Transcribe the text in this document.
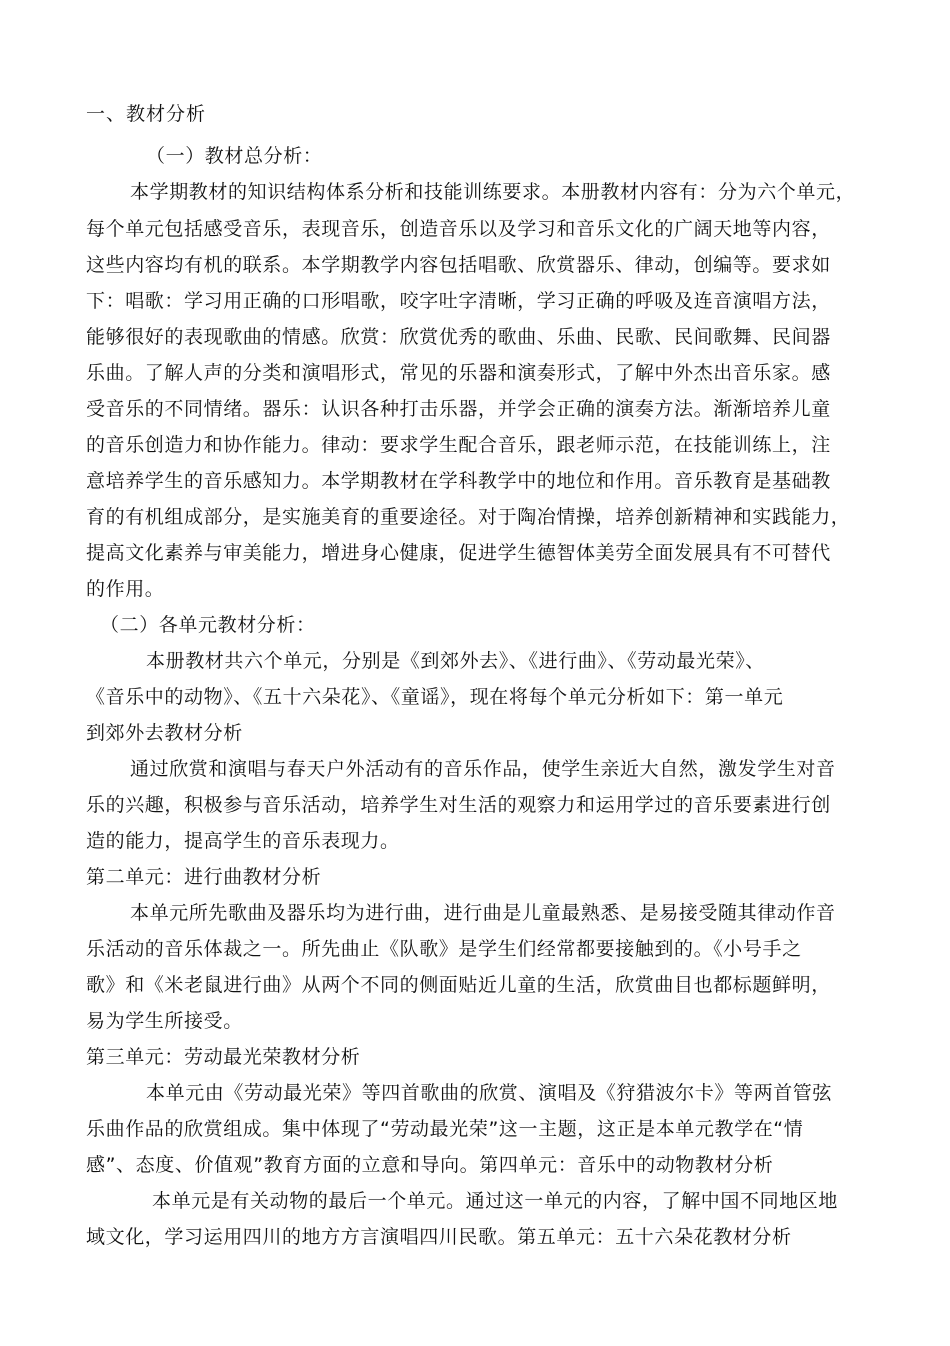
一、教材分析

（一）教材总分析：

本学期教材的知识结构体系分析和技能训练要求。本册教材内容有：分为六个单元，

每个单元包括感受音乐，表现音乐，创造音乐以及学习和音乐文化的广阔天地等内容，

这些内容均有机的联系。本学期教学内容包括唱歌、欣赏器乐、律动，创编等。要求如

下：唱歌：学习用正确的口形唱歌，咬字吐字清晰，学习正确的呼吸及连音演唱方法，

能够很好的表现歌曲的情感。欣赏：欣赏优秀的歌曲、乐曲、民歌、民间歌舞、民间器

乐曲。了解人声的分类和演唱形式，常见的乐器和演奏形式，了解中外杰出音乐家。感

受音乐的不同情绪。器乐：认识各种打击乐器，并学会正确的演奏方法。渐渐培养儿童

的音乐创造力和协作能力。律动：要求学生配合音乐，跟老师示范，在技能训练上，注

意培养学生的音乐感知力。本学期教材在学科教学中的地位和作用。音乐教育是基础教

育的有机组成部分，是实施美育的重要途径。对于陶冶情操，培养创新精神和实践能力，

提高文化素养与审美能力，增进身心健康，促进学生德智体美劳全面发展具有不可替代

的作用。

（二）各单元教材分析：

本册教材共六个单元，分别是《到郊外去》、《进行曲》、《劳动最光荣》、

《音乐中的动物》、《五十六朵花》、《童谣》，现在将每个单元分析如下：第一单元

到郊外去教材分析

通过欣赏和演唱与春天户外活动有的音乐作品，使学生亲近大自然，激发学生对音

乐的兴趣，积极参与音乐活动，培养学生对生活的观察力和运用学过的音乐要素进行创

造的能力，提高学生的音乐表现力。

第二单元：进行曲教材分析

本单元所先歌曲及器乐均为进行曲，进行曲是儿童最熟悉、是易接受随其律动作音

乐活动的音乐体裁之一。所先曲止《队歌》是学生们经常都要接触到的。《小号手之

歌》和《米老鼠进行曲》从两个不同的侧面贴近儿童的生活，欣赏曲目也都标题鲜明，

易为学生所接受。

第三单元：劳动最光荣教材分析

本单元由《劳动最光荣》等四首歌曲的欣赏、演唱及《狩猎波尔卡》等两首管弦

乐曲作品的欣赏组成。集中体现了“劳动最光荣”这一主题，这正是本单元教学在“情

感”、态度、价值观”教育方面的立意和导向。第四单元：音乐中的动物教材分析

本单元是有关动物的最后一个单元。通过这一单元的内容，了解中国不同地区地

域文化，学习运用四川的地方方言演唱四川民歌。第五单元：五十六朵花教材分析
